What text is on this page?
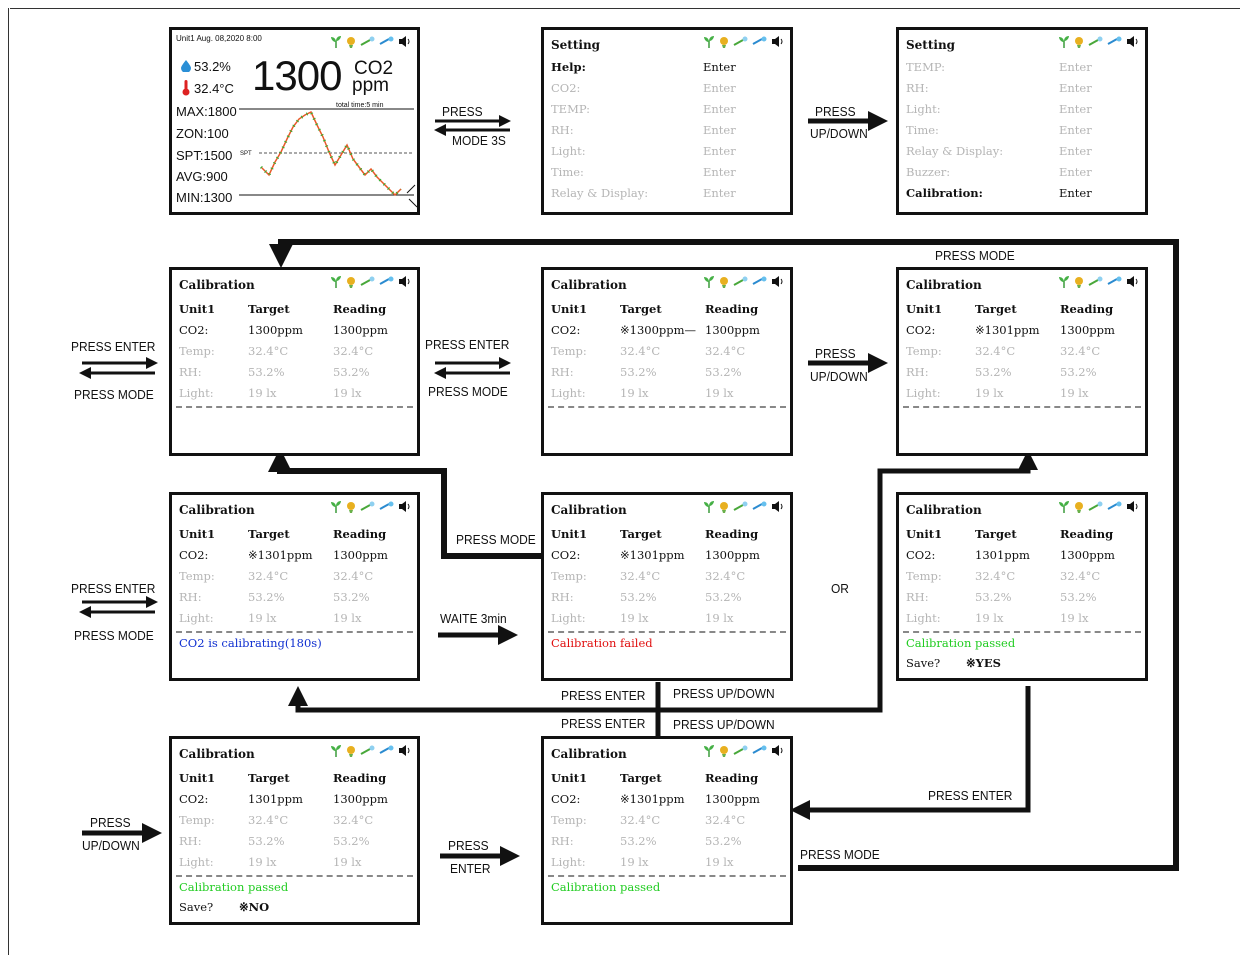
Unit1 Aug. 08,2020 8:00
53.2%
32.4°C 1300 CO2
ppm
total time:5 min
MAX:1800
ZON:100
SPT:1500 SPT
AVG:900
MIN:1300
Setting
Help:	Enter
CO2:	Enter
TEMP:	Enter
RH:	Enter
Light:	Enter
Time:	Enter
Relay & Display:	Enter
Setting
TEMP:	Enter
RH:	Enter
Light:	Enter
Time:	Enter
Relay & Display:	Enter
Buzzer:	Enter
Calibration:	Enter
Calibration
Unit1	Target	Reading
CO2:	1300ppm	1300ppm
Temp:	32.4°C	32.4°C
RH:	53.2%	53.2%
Light:	19 lx	19 lx
Calibration
Unit1	Target	Reading
CO2:	※1300ppm— 1300ppm
Temp:	32.4°C	32.4°C
RH:	53.2%	53.2%
Light:	19 lx	19 lx
Calibration
Unit1	Target	Reading
CO2:	※1301ppm 1300ppm
Temp:	32.4°C	32.4°C
RH:	53.2%	53.2%
Light:	19 lx	19 lx
Calibration
Unit1	Target	Reading
CO2:	※1301ppm 1300ppm
Temp:	32.4°C	32.4°C
RH:	53.2%	53.2%
Light:	19 lx	19 lx
CO2 is calibrating(180s)
Calibration
Unit1	Target	Reading
CO2:	※1301ppm 1300ppm
Temp:	32.4°C	32.4°C
RH:	53.2%	53.2%
Light:	19 lx	19 lx
Calibration failed
Calibration
Unit1	Target	Reading
CO2:	1301ppm	1300ppm
Temp:	32.4°C	32.4°C
RH:	53.2%	53.2%
Light:	19 lx	19 lx
Calibration passed
Save? ※YES
Calibration
Unit1	Target	Reading
CO2:	1301ppm	1300ppm
Temp:	32.4°C	32.4°C
RH:	53.2%	53.2%
Light:	19 lx	19 lx
Calibration passed
Save? ※NO
Calibration
Unit1	Target	Reading
CO2:	※1301ppm 1300ppm
Temp:	32.4°C	32.4°C
RH:	53.2%	53.2%
Light:	19 lx	19 lx
Calibration passed
PRESS
MODE 3S
PRESS
UP/DOWN
PRESS MODE
PRESS ENTER
PRESS MODE
PRESS ENTER
PRESS MODE
PRESS
UP/DOWN
PRESS MODE
PRESS ENTER
PRESS MODE
WAITE 3min
OR
PRESS ENTER PRESS UP/DOWN
PRESS ENTER PRESS UP/DOWN
PRESS ENTER
PRESS MODE
PRESS
UP/DOWN	PRESS
ENTER
